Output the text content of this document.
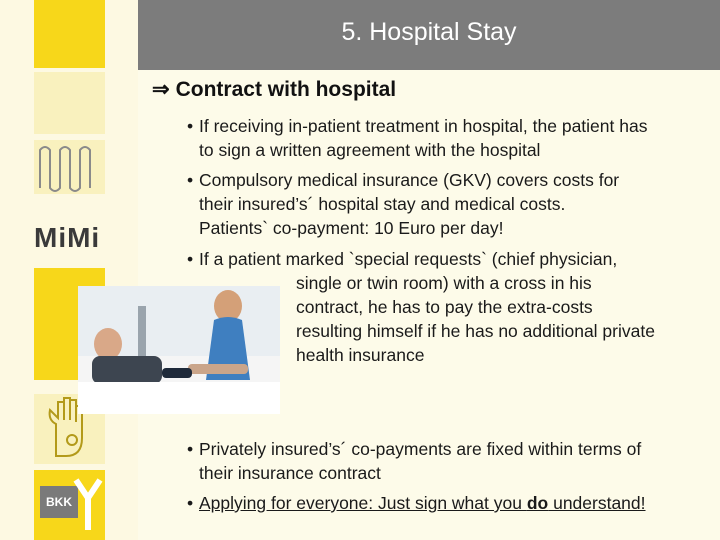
MiMi
BKK
5. Hospital Stay
⇒ Contract with hospital
• If receiving in-patient treatment in hospital, the patient has
to sign a written agreement with the hospital
• Compulsory medical insurance (GKV) covers costs for
their insured’s´ hospital stay and medical costs.
Patients` co-payment: 10 Euro per day!
• If a patient marked `special requests` (chief physician,
single or twin room) with a cross in his
contract, he has to pay the extra-costs
resulting himself if he has no additional private
health insurance
• Privately insured’s´ co-payments are fixed within terms of
their insurance contract
• Applying for everyone: Just sign what you do understand!
